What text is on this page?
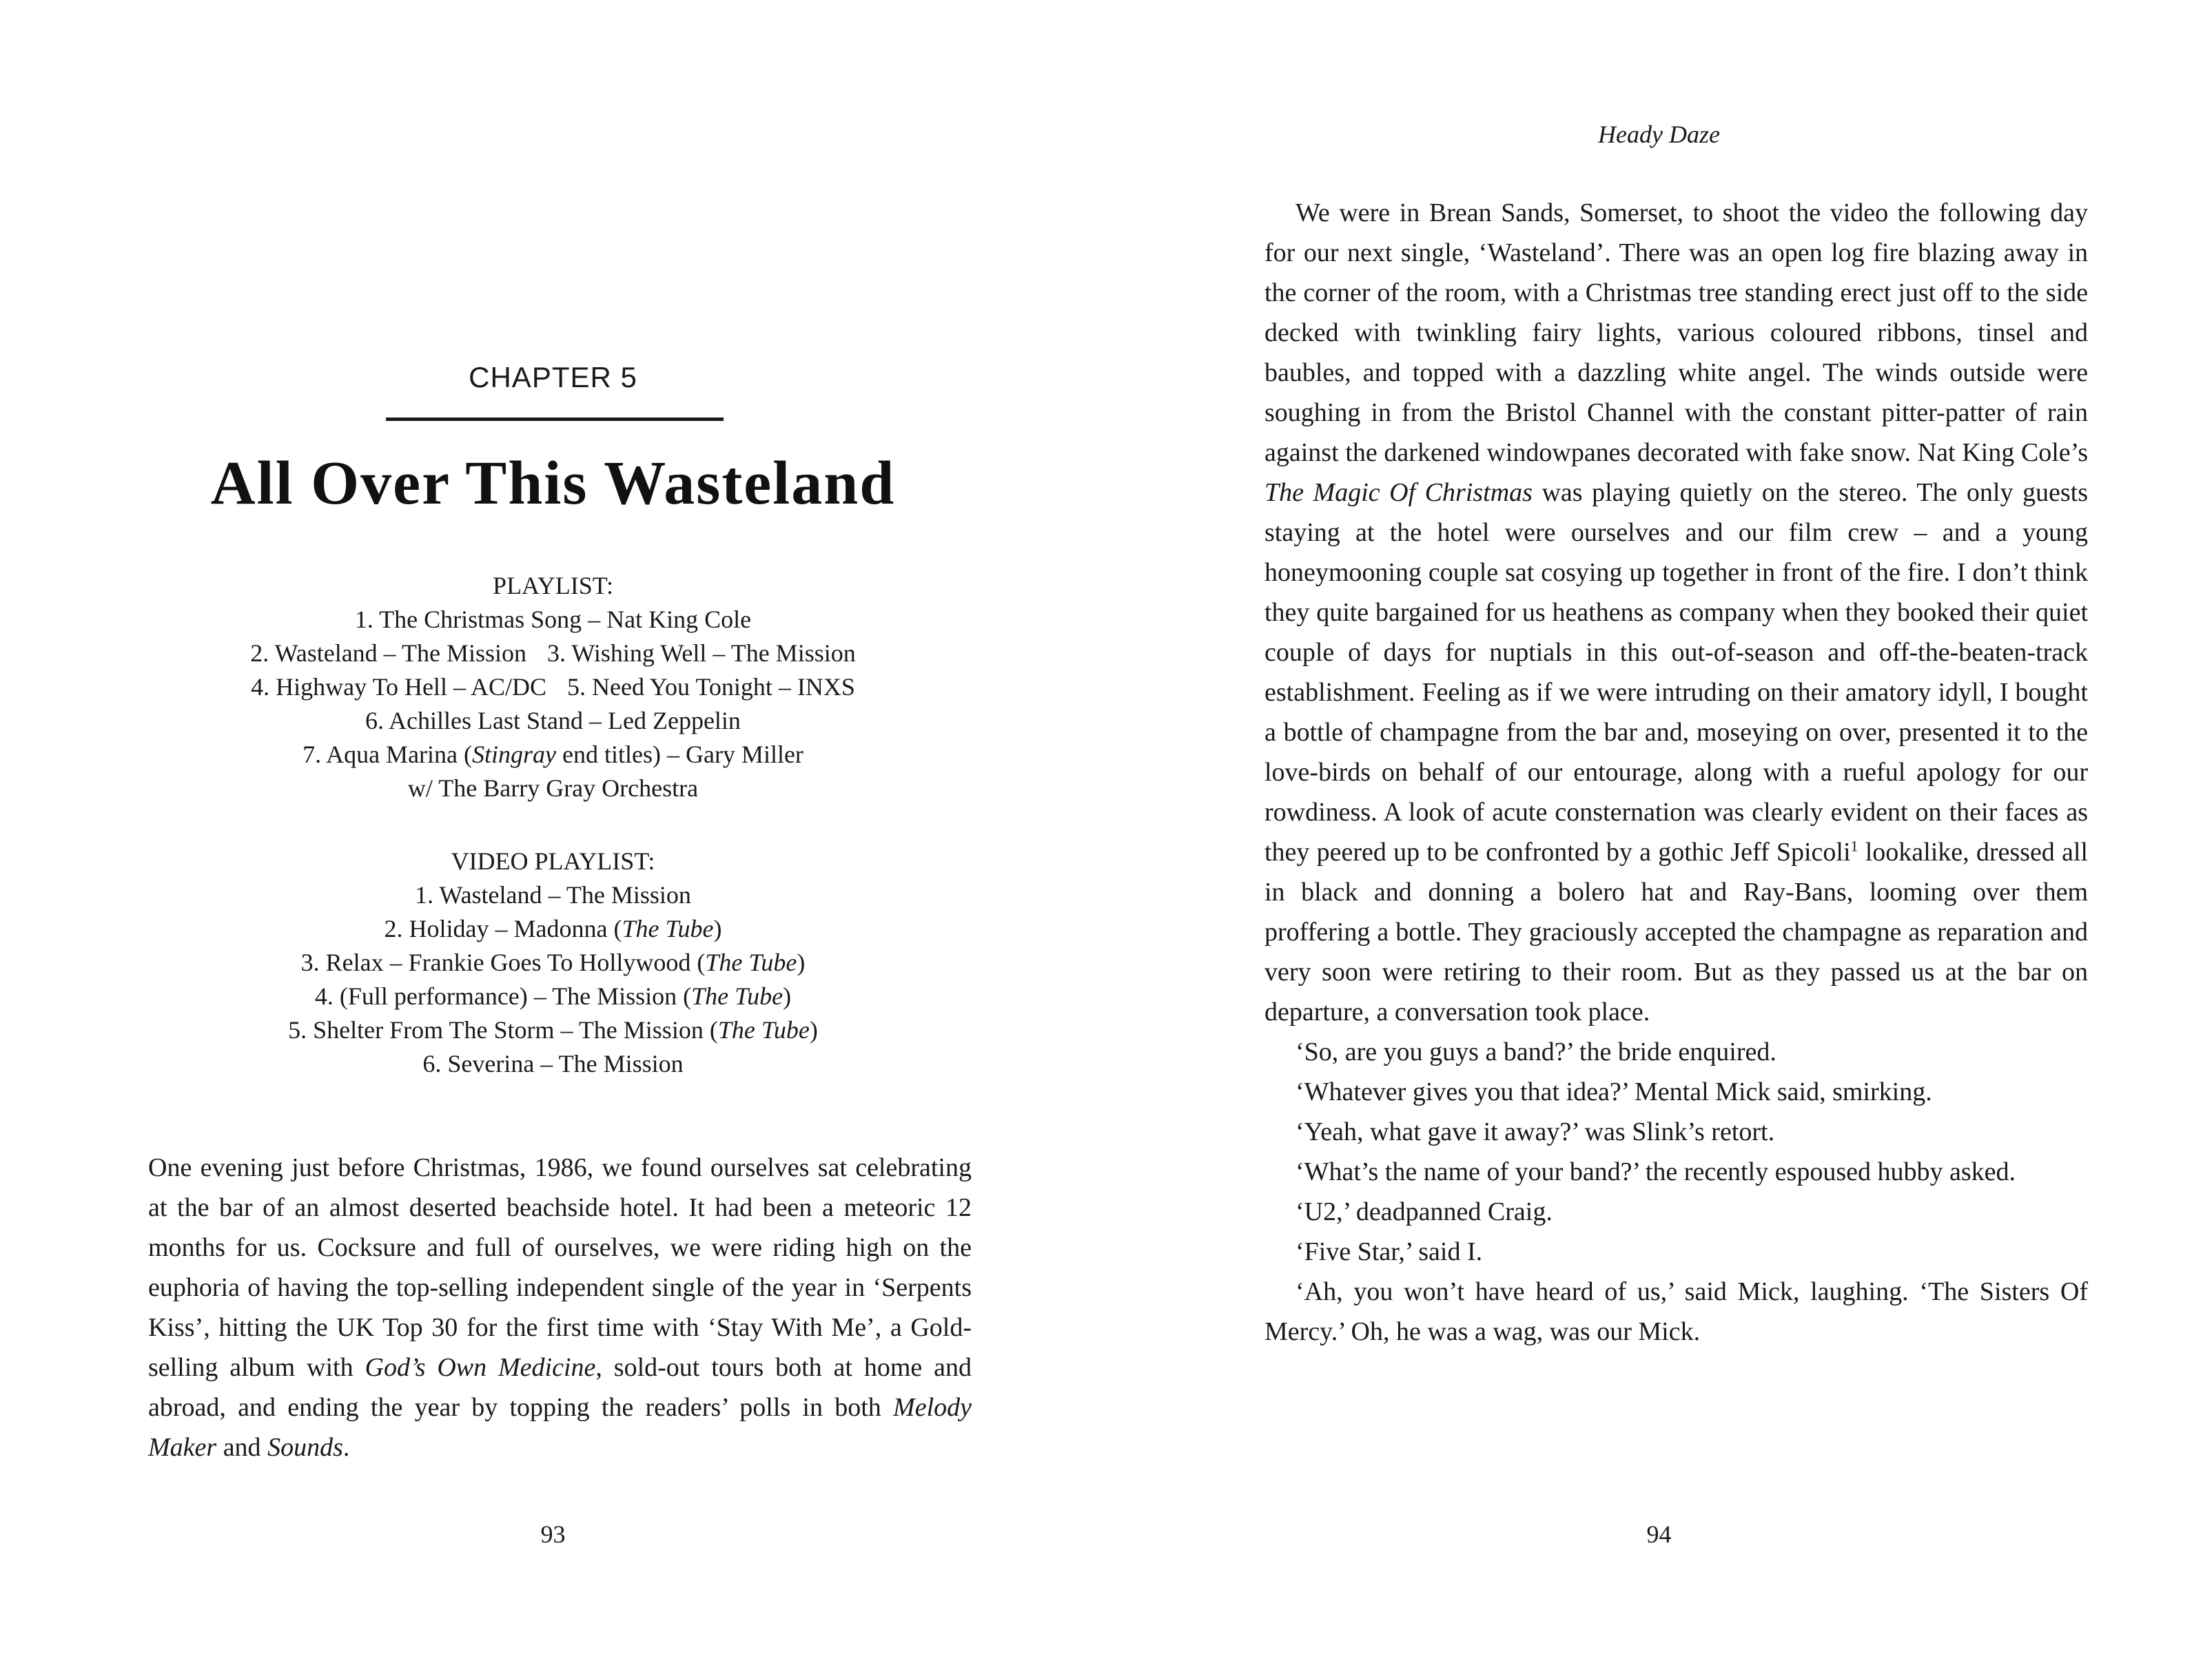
CHAPTER 5
All Over This Wasteland
PLAYLIST:
1. The Christmas Song – Nat King Cole
2. Wasteland – The Mission 3. Wishing Well – The Mission
4. Highway To Hell – AC/DC 5. Need You Tonight – INXS
6. Achilles Last Stand – Led Zeppelin
7. Aqua Marina (Stingray end titles) – Gary Miller
w/ The Barry Gray Orchestra
VIDEO PLAYLIST:
1. Wasteland – The Mission
2. Holiday – Madonna (The Tube)
3. Relax – Frankie Goes To Hollywood (The Tube)
4. (Full performance) – The Mission (The Tube)
5. Shelter From The Storm – The Mission (The Tube)
6. Severina – The Mission
One evening just before Christmas, 1986, we found ourselves sat celebrating at the bar of an almost deserted beachside hotel. It had been a meteoric 12 months for us. Cocksure and full of ourselves, we were riding high on the euphoria of having the top-selling independent single of the year in ‘Serpents Kiss’, hitting the UK Top 30 for the first time with ‘Stay With Me’, a Gold-selling album with God’s Own Medicine, sold-out tours both at home and abroad, and ending the year by topping the readers’ polls in both Melody Maker and Sounds.
93
Heady Daze

We were in Brean Sands, Somerset, to shoot the video the following day for our next single, ‘Wasteland’. There was an open log fire blazing away in the corner of the room, with a Christmas tree standing erect just off to the side decked with twinkling fairy lights, various coloured ribbons, tinsel and baubles, and topped with a dazzling white angel. The winds outside were soughing in from the Bristol Channel with the constant pitter-patter of rain against the darkened windowpanes decorated with fake snow. Nat King Cole’s The Magic Of Christmas was playing quietly on the stereo. The only guests staying at the hotel were ourselves and our film crew – and a young honeymooning couple sat cosying up together in front of the fire. I don’t think they quite bargained for us heathens as company when they booked their quiet couple of days for nuptials in this out-of-season and off-the-beaten-track establishment. Feeling as if we were intruding on their amatory idyll, I bought a bottle of champagne from the bar and, moseying on over, presented it to the love-birds on behalf of our entourage, along with a rueful apology for our rowdiness. A look of acute consternation was clearly evident on their faces as they peered up to be confronted by a gothic Jeff Spicoli$^1$ lookalike, dressed all in black and donning a bolero hat and Ray-Bans, looming over them proffering a bottle. They graciously accepted the champagne as reparation and very soon were retiring to their room. But as they passed us at the bar on departure, a conversation took place.

‘So, are you guys a band?’ the bride enquired.

‘Whatever gives you that idea?’ Mental Mick said, smirking.

‘Yeah, what gave it away?’ was Slink’s retort.

‘What’s the name of your band?’ the recently espoused hubby asked.

‘U2,’ deadpanned Craig.

‘Five Star,’ said I.

‘Ah, you won’t have heard of us,’ said Mick, laughing. ‘The Sisters Of Mercy.’ Oh, he was a wag, was our Mick.

94
